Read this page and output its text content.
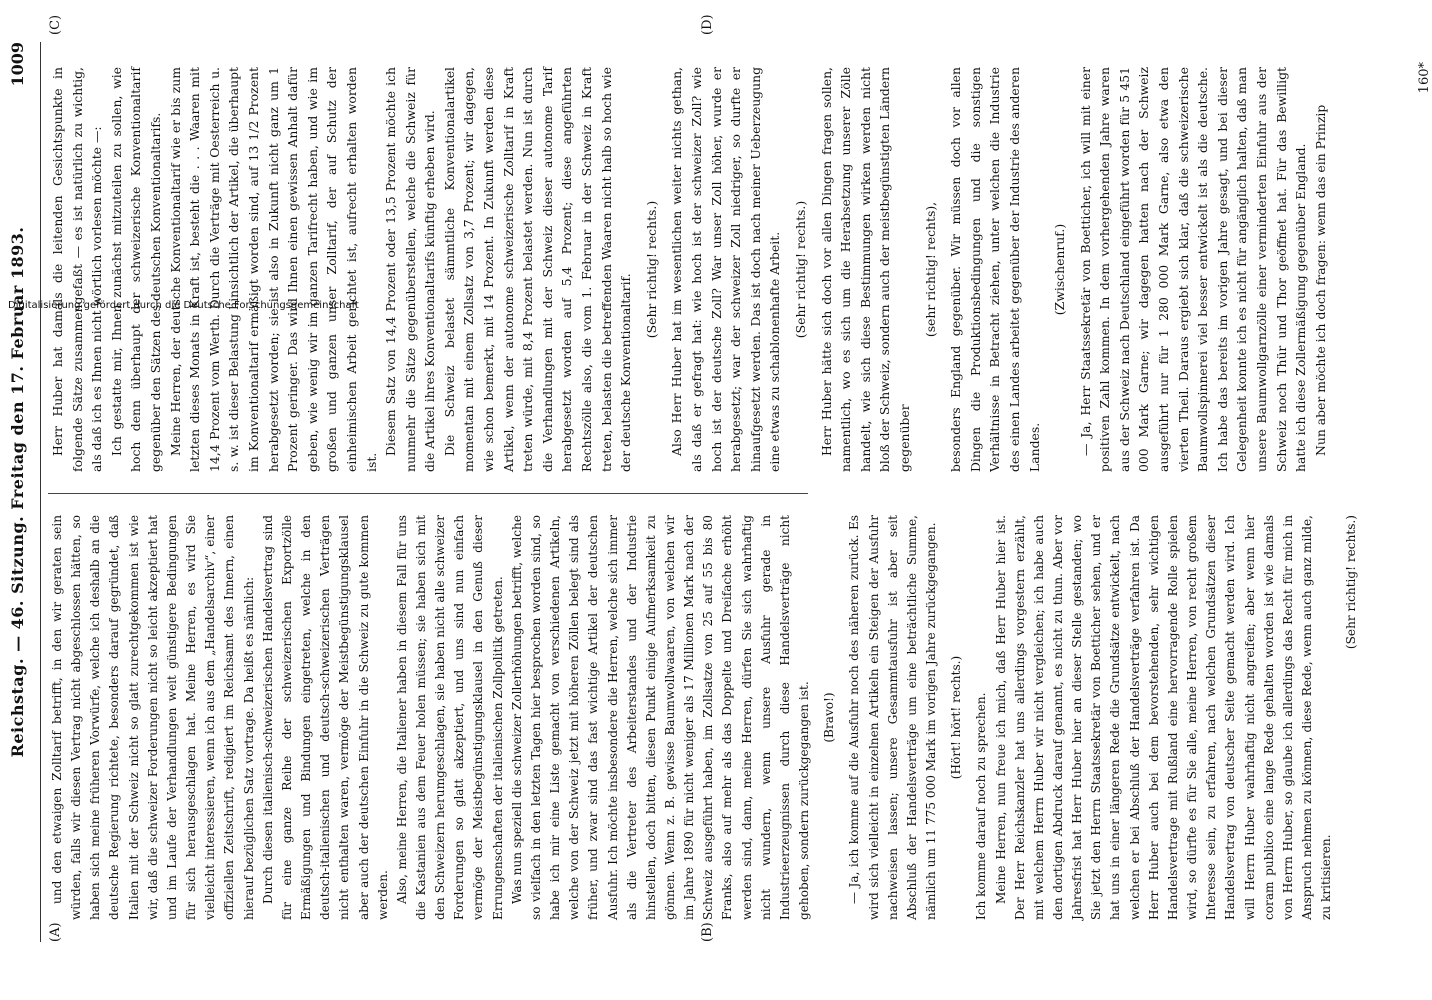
Reichstag. — 46. Sitzung. Freitag den 17. Februar 1893.
1009
(A)	(B)
(C)	(D)

und den etwaigen Zolltarif betrifft, in den wir geraten sein würden, falls wir diesen Vertrag nicht abgeschlossen hätten, so haben sich meine früheren Vorwürfe, welche ich deshalb an die deutsche Regierung richtete, besonders darauf gegründet, daß Italien mit der Schweiz nicht so glatt zurechtgekommen ist wie wir, daß die schweizer Forderungen nicht so leicht akzeptiert hat und im Laufe der Verhandlungen weit günstigere Bedingungen für sich herausgeschlagen hat. Meine Herren, es wird Sie vielleicht interessieren, wenn ich aus dem „Handelsarchiv“, einer offiziellen Zeitschrift, redigiert im Reichsamt des Innern, einen hierauf bezüglichen Satz vortrage. Da heißt es nämlich: Durch diesen italienisch-schweizerischen Handelsvertrag sind für eine ganze Reihe der schweizerischen Exportzölle Ermäßigungen und Bindungen eingetreten, welche in den deutsch-italienischen und deutsch-schweizerischen Verträgen nicht enthalten waren, vermöge der Meistbegünstigungsklausel aber auch der deutschen Einfuhr in die Schweiz zu gute kommen werden. Also, meine Herren, die Italiener haben in diesem Fall für uns die Kastanien aus dem Feuer holen müssen; sie haben sich mit den Schweizern herumgeschlagen, sie haben nicht alle schweizer Forderungen so glatt akzeptiert, und uns sind nun einfach vermöge der Meistbegünstigungsklausel in den Genuß dieser Errungenschaften der italienischen Zollpolitik getreten. Was nun speziell die schweizer Zollerhöhungen betrifft, welche so vielfach in den letzten Tagen hier besprochen worden sind, so habe ich mir eine Liste gemacht von verschiedenen Artikeln, welche von der Schweiz jetzt mit höheren Zöllen belegt sind als früher, und zwar sind das fast wichtige Artikel der deutschen Ausfuhr. Ich möchte insbesondere die Herren, welche sich immer als die Vertreter des Arbeiterstandes und der Industrie hinstellen, doch bitten, diesen Punkt einige Aufmerksamkeit zu gönnen. Wenn z. B. gewisse Baumwollwaaren, von welchen wir im Jahre 1890 für nicht weniger als 17 Millionen Mark nach der Schweiz ausgeführt haben, im Zollsatze von 25 auf 55 bis 80 Franks, also auf mehr als das Doppelte und Dreifache erhöht werden sind, dann, meine Herren, dürfen Sie sich wahrhaftig nicht wundern, wenn unsere Ausfuhr gerade in Industrieerzeugnissen durch diese Handelsverträge nicht gehoben, sondern zurückgegangen ist. (Bravo!) — Ja, ich komme auf die Ausfuhr noch des näheren zurück. Es wird sich vielleicht in einzelnen Artikeln ein Steigen der Ausfuhr nachweisen lassen; unsere Gesammtausfuhr ist aber seit Abschluß der Handelsverträge um eine beträchtliche Summe, nämlich um 11 775 000 Mark im vorigen Jahre zurückgegangen. (Hört! hört! rechts.) Ich komme darauf noch zu sprechen. Meine Herren, nun freue ich mich, daß Herr Huber hier ist. Der Herr Reichskanzler hat uns allerdings vorgestern erzählt, mit welchem Herrn Huber wir nicht vergleichen; ich habe auch den dortigen Abdruck darauf genannt, es nicht zu thun. Aber vor Jahresfrist hat Herr Huber hier an dieser Stelle gestanden; wo Sie jetzt den Herrn Staatssekretär von Boetticher sehen, und er hat uns in einer längeren Rede die Grundsätze entwickelt, nach welchen er bei Abschluß der Handelsverträge verfahren ist. Da Herr Huber auch bei dem bevorstehenden, sehr wichtigen Handelsvertrage mit Rußland eine hervorragende Rolle spielen wird, so dürfte es für Sie alle, meine Herren, von recht großem Interesse sein, zu erfahren, nach welchen Grundsätzen dieser Handelsvertrag von deutscher Seite gemacht werden wird. Ich will Herrn Huber wahrhaftig nicht angreifen; aber wenn hier coram publico eine lange Rede gehalten worden ist wie damals von Herrn Huber, so glaube ich allerdings das Recht für mich in Anspruch nehmen zu können, diese Rede, wenn auch ganz milde, zu kritisieren.

(Sehr richtig! rechts.)

Herr Huber hat damals die leitenden Gesichtspunkte in folgende Sätze zusammengefaßt — es ist natürlich zu wichtig, als daß ich es Ihnen nicht wörtlich vorlesen möchte —: Ich gestatte mir, Ihnen zunächst mitzuteilen zu sollen, wie hoch denn überhaupt der schweizerische Konventionaltarif gegenüber den Sätzen des deutschen Konventionaltarifs. Meine Herren, der deutsche Konventionaltarif wie er bis zum letzten dieses Monats in Kraft ist, besteht die . . . Waaren mit 14,4 Prozent vom Werth. Durch die Verträge mit Oesterreich u. s. w. ist dieser Belastung hinsichtlich der Artikel, die überhaupt im Konventionaltarif ermäßigt worden sind, auf 13 1/2 Prozent herabgesetzt worden; sie ist also in Zukunft nicht ganz um 1 Prozent geringer. Das wird Ihnen einen gewissen Anhalt dafür geben, wie wenig wir im ganzen Tarifrecht haben, und wie im großen und ganzen unser Zolltarif, der auf Schutz der einheimischen Arbeit gerichtet ist, aufrecht erhalten worden ist.

Diesem Satz von 14,4 Prozent oder 13,5 Prozent möchte ich nunmehr die Sätze gegenüberstellen, welche die Schweiz für die Artikel ihres Konventionaltarifs künftig erheben wird. Die Schweiz belastet sämmtliche Konventionalartikel momentan mit einem Zollsatz von 3,7 Prozent; wir dagegen, wie schon bemerkt, mit 14 Prozent. In Zukunft werden diese Artikel, wenn der autonome schweizerische Zolltarif in Kraft treten würde, mit 8,4 Prozent belastet werden. Nun ist durch die Verhandlungen mit der Schweiz dieser autonome Tarif herabgesetzt worden auf 5,4 Prozent; diese angeführten Rechtszölle also, die vom 1. Februar in der Schweiz in Kraft treten, belasten die betreffenden Waaren nicht halb so hoch wie der deutsche Konventionaltarif.

(Sehr richtig! rechts.) Also Herr Huber hat im wesentlichen weiter nichts gethan, als daß er gefragt hat: wie hoch ist der schweizer Zoll? wie hoch ist der deutsche Zoll? War unser Zoll höher, wurde er herabgesetzt; war der schweizer Zoll niedriger, so durfte er hinaufgesetzt werden. Das ist doch nach meiner Ueberzeugung eine etwas zu schablonenhafte Arbeit. (Sehr richtig! rechts.) Herr Huber hätte sich doch vor allen Dingen fragen sollen, namentlich, wo es sich um die Herabsetzung unserer Zölle handelt, wie sich diese Bestimmungen wirken werden nicht bloß der Schweiz, sondern auch der meistbegünstigten Ländern gegenüber

(sehr richtig! rechts), besonders England gegenüber. Wir müssen doch vor allen Dingen die Produktionsbedingungen und die sonstigen Verhältnisse in Betracht ziehen, unter welchen die Industrie des einen Landes arbeitet gegenüber der Industrie des anderen Landes.

(Zwischenruf.) — Ja, Herr Staatssekretär von Boetticher, ich will mit einer positiven Zahl kommen. In dem vorhergehenden Jahre waren aus der Schweiz nach Deutschland eingeführt worden für 5 451 000 Mark Garne; wir dagegen hatten nach der Schweiz ausgeführt nur für 1 280 000 Mark Garne, also etwa den vierten Theil. Daraus ergiebt sich klar, daß die schweizerische Baumwollspinnerei viel besser entwickelt ist als die deutsche. Ich habe das bereits im vorigen Jahre gesagt, und bei dieser Gelegenheit konnte ich es nicht für angänglich halten, daß man unsere Baumwollgarnzölle einer verminderten Einfuhr aus der Schweiz noch Thür und Thor geöffnet hat. Für das Bewilligt hatte ich diese Zollermäßigung gegenüber England. Nun aber möchte ich doch fragen: wenn das ein Prinzip

160*
Digitalisierung gefördert durch die Deutsche Forschungsgemeinschaft
